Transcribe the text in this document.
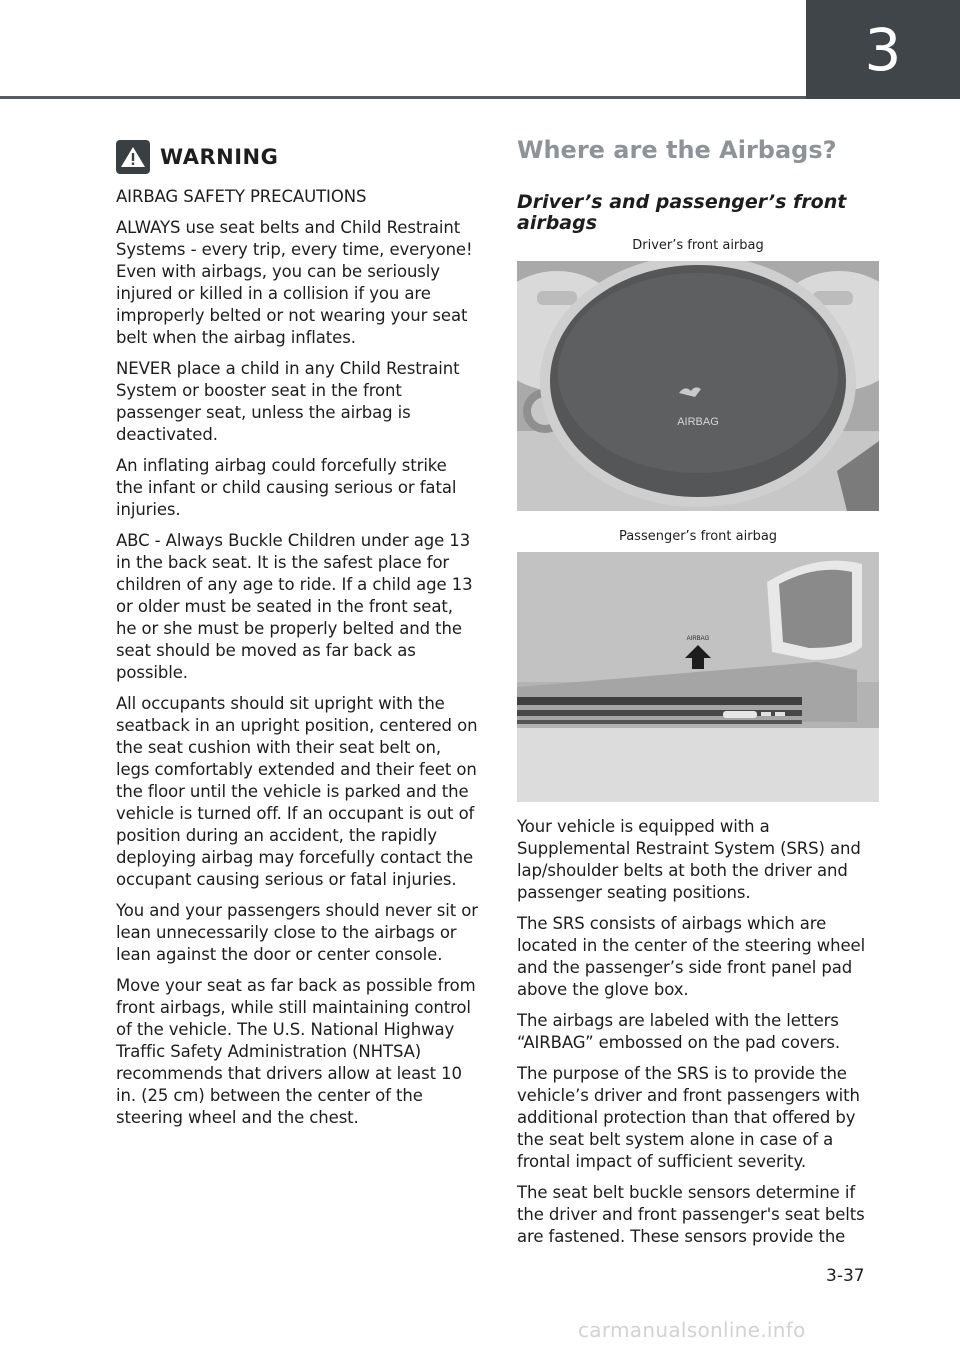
3
WARNING

AIRBAG SAFETY PRECAUTIONS

ALWAYS use seat belts and Child Restraint Systems - every trip, every time, everyone! Even with airbags, you can be seriously injured or killed in a collision if you are improperly belted or not wearing your seat belt when the airbag inflates.

NEVER place a child in any Child Restraint System or booster seat in the front passenger seat, unless the airbag is deactivated.

An inflating airbag could forcefully strike the infant or child causing serious or fatal injuries.

ABC - Always Buckle Children under age 13 in the back seat. It is the safest place for children of any age to ride. If a child age 13 or older must be seated in the front seat, he or she must be properly belted and the seat should be moved as far back as possible.

All occupants should sit upright with the seatback in an upright position, centered on the seat cushion with their seat belt on, legs comfortably extended and their feet on the floor until the vehicle is parked and the vehicle is turned off. If an occupant is out of position during an accident, the rapidly deploying airbag may forcefully contact the occupant causing serious or fatal injuries.

You and your passengers should never sit or lean unnecessarily close to the airbags or lean against the door or center console.

Move your seat as far back as possible from front airbags, while still maintaining control of the vehicle. The U.S. National Highway Traffic Safety Administration (NHTSA) recommends that drivers allow at least 10 in. (25 cm) between the center of the steering wheel and the chest.

Where are the Airbags?
Driver’s and passenger’s front airbags
Driver’s front airbag
AIRBAG
Passenger’s front airbag
AIRBAG

Your vehicle is equipped with a Supplemental Restraint System (SRS) and lap/shoulder belts at both the driver and passenger seating positions.

The SRS consists of airbags which are located in the center of the steering wheel and the passenger’s side front panel pad above the glove box.

The airbags are labeled with the letters “AIRBAG” embossed on the pad covers.

The purpose of the SRS is to provide the vehicle’s driver and front passengers with additional protection than that offered by the seat belt system alone in case of a frontal impact of sufficient severity.

The seat belt buckle sensors determine if the driver and front passenger's seat belts are fastened. These sensors provide the

3-37
carmanualsonline.info
